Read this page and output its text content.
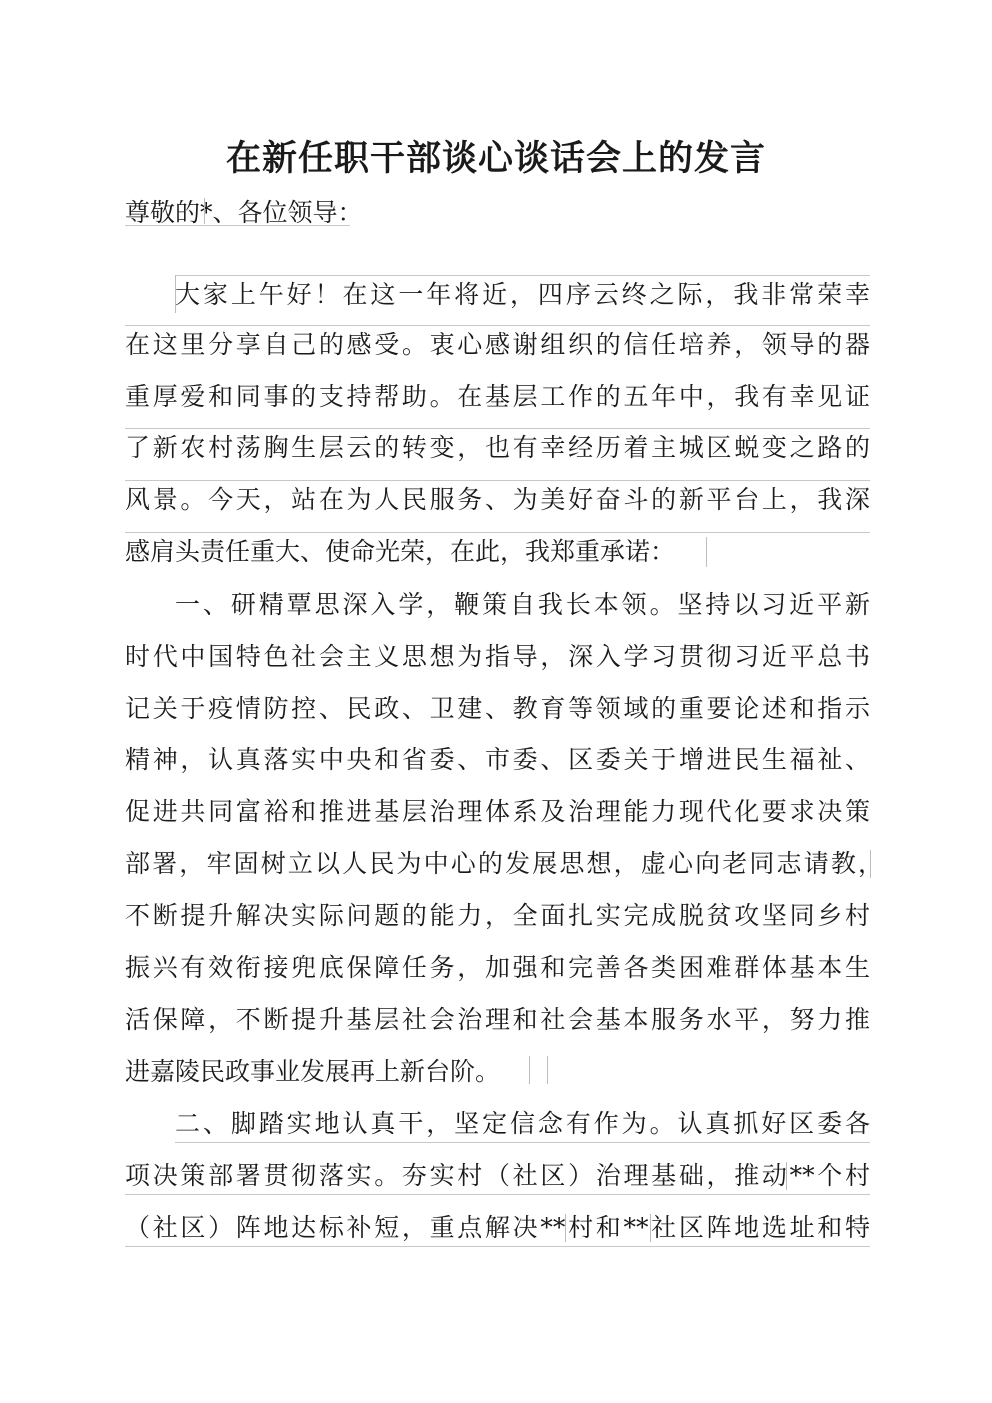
在新任职干部谈心谈话会上的发言
尊敬的*、各位领导：
大家上午好！在这一年将近，四序云终之际，我非常荣幸
在这里分享自己的感受。衷心感谢组织的信任培养，领导的器
重厚爱和同事的支持帮助。在基层工作的五年中，我有幸见证
了新农村荡胸生层云的转变，也有幸经历着主城区蜕变之路的
风景。今天，站在为人民服务、为美好奋斗的新平台上，我深
感肩头责任重大、使命光荣，在此，我郑重承诺：
一、研精覃思深入学，鞭策自我长本领。坚持以习近平新
时代中国特色社会主义思想为指导，深入学习贯彻习近平总书
记关于疫情防控、民政、卫建、教育等领域的重要论述和指示
精神，认真落实中央和省委、市委、区委关于增进民生福祉、
促进共同富裕和推进基层治理体系及治理能力现代化要求决策
部署，牢固树立以人民为中心的发展思想，虚心向老同志请教，
不断提升解决实际问题的能力，全面扎实完成脱贫攻坚同乡村
振兴有效衔接兜底保障任务，加强和完善各类困难群体基本生
活保障，不断提升基层社会治理和社会基本服务水平，努力推
进嘉陵民政事业发展再上新台阶。
二、脚踏实地认真干，坚定信念有作为。认真抓好区委各
项决策部署贯彻落实。夯实村（社区）治理基础，推动**个村
（社区）阵地达标补短，重点解决**村和**社区阵地选址和特
